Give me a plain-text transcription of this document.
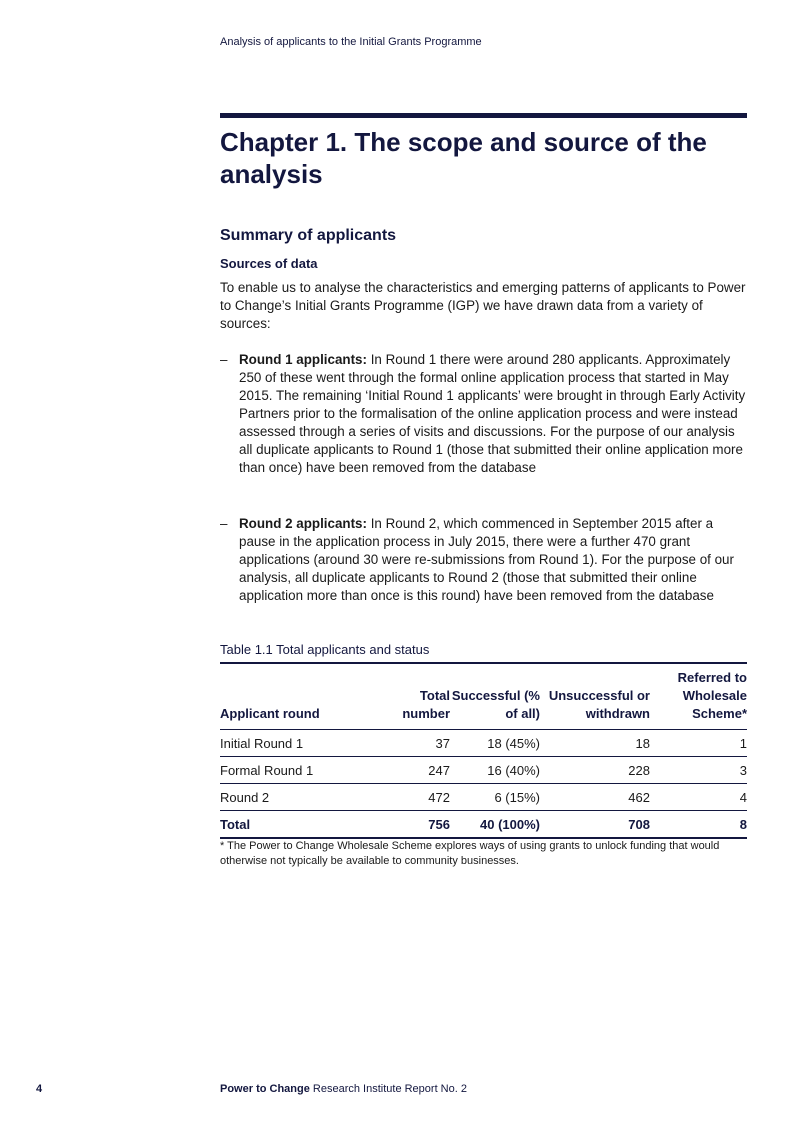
Analysis of applicants to the Initial Grants Programme
Chapter 1. The scope and source of the analysis
Summary of applicants
Sources of data

To enable us to analyse the characteristics and emerging patterns of applicants to Power to Change’s Initial Grants Programme (IGP) we have drawn data from a variety of sources:

– Round 1 applicants: In Round 1 there were around 280 applicants. Approximately 250 of these went through the formal online application process that started in May 2015. The remaining ‘Initial Round 1 applicants’ were brought in through Early Activity Partners prior to the formalisation of the online application process and were instead assessed through a series of visits and discussions. For the purpose of our analysis all duplicate applicants to Round 1 (those that submitted their online application more than once) have been removed from the database
– Round 2 applicants: In Round 2, which commenced in September 2015 after a pause in the application process in July 2015, there were a further 470 grant applications (around 30 were re-submissions from Round 1). For the purpose of our analysis, all duplicate applicants to Round 2 (those that submitted their online application more than once is this round) have been removed from the database
Table 1.1 Total applicants and status
Applicant round	Total number	Successful (% of all)	Unsuccessful or withdrawn	Referred to Wholesale Scheme*
Initial Round 1	37	18 (45%)	18	1
Formal Round 1	247	16 (40%)	228	3
Round 2	472	6 (15%)	462	4
Total	756	40 (100%)	708	8
* The Power to Change Wholesale Scheme explores ways of using grants to unlock funding that would otherwise not typically be available to community businesses.
4	Power to Change Research Institute Report No. 2
